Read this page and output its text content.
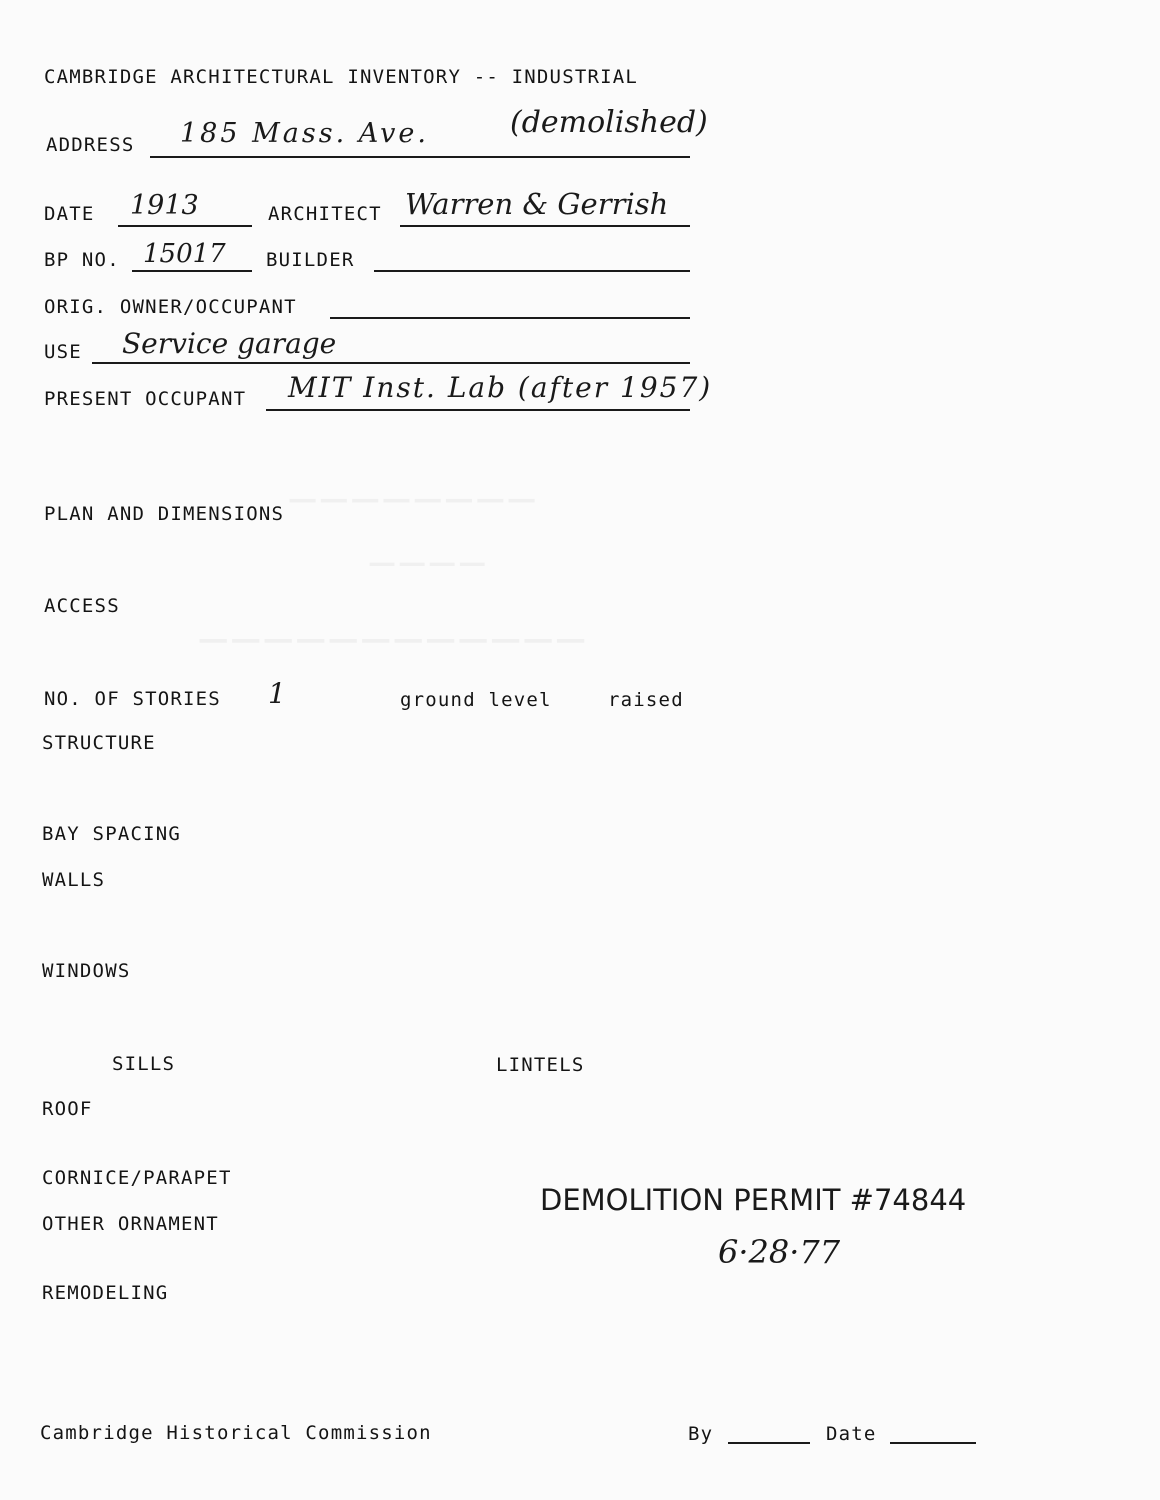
CAMBRIDGE ARCHITECTURAL INVENTORY -- INDUSTRIAL
ADDRESS 185 Mass. Ave.	(demolished)
DATE 1913	ARCHITECT Warren & Gerrish
BP NO. 15017 BUILDER
ORIG. OWNER/OCCUPANT
USE Service garage
PRESENT OCCUPANT MIT Inst. Lab (after 1957)
PLAN AND DIMENSIONS
ACCESS
NO. OF STORIES 1	ground level	raised
STRUCTURE
BAY SPACING
WALLS
WINDOWS
SILLS	LINTELS
ROOF
CORNICE/PARAPET
OTHER ORNAMENT
REMODELING
DEMOLITION PERMIT #74844
6·28·77
Cambridge Historical Commission	By	Date
